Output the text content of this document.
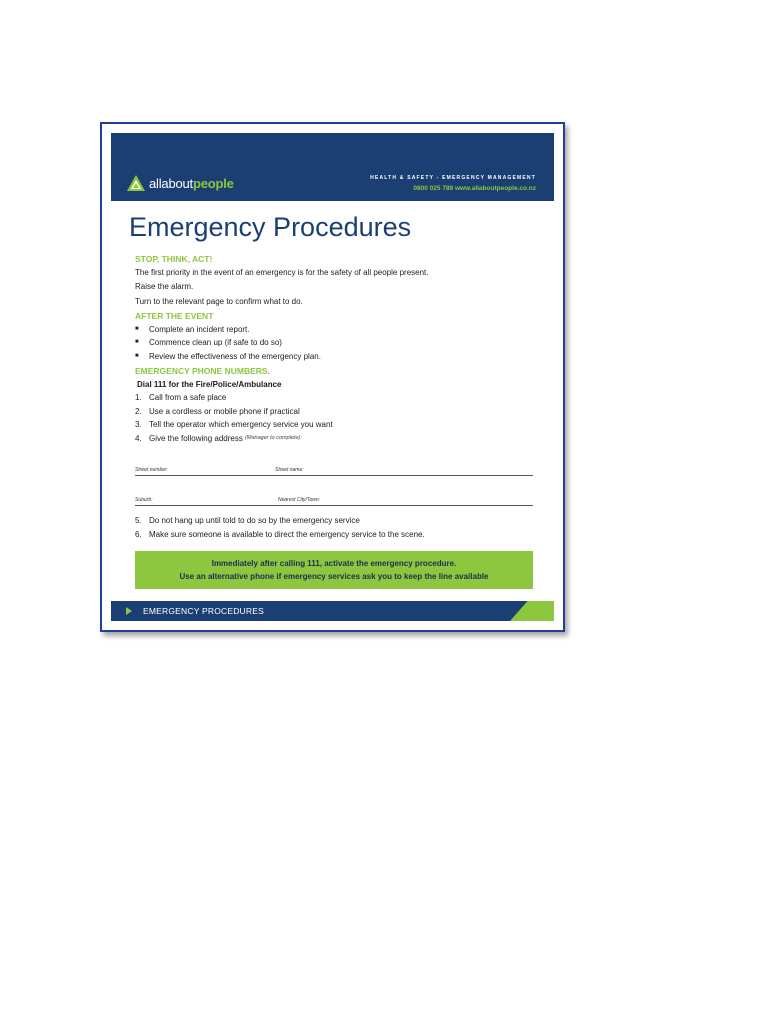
allaboutpeople	HEALTH & SAFETY - EMERGENCY MANAGEMENT
0800 025 789 www.allaboutpeople.co.nz
Emergency Procedures
STOP, THINK, ACT!
The first priority in the event of an emergency is for the safety of all people present.
Raise the alarm.
Turn to the relevant page to confirm what to do.
AFTER THE EVENT
■	Complete an incident report.
■	Commence clean up (if safe to do so)
■	Review the effectiveness of the emergency plan.
EMERGENCY PHONE NUMBERS.
Dial 111 for the Fire/Police/Ambulance
1. Call from a safe place
2. Use a cordless or mobile phone if practical
3. Tell the operator which emergency service you want
4. Give the following address
(Manager to complete):
Street number:	Street name:
Suburb:	Nearest City/Town:
5. Do not hang up until told to do so by the emergency service
6. Make sure someone is available to direct the emergency service to the scene.
Immediately after calling 111, activate the emergency procedure.
Use an alternative phone if emergency services ask you to keep the line available
EMERGENCY PROCEDURES
